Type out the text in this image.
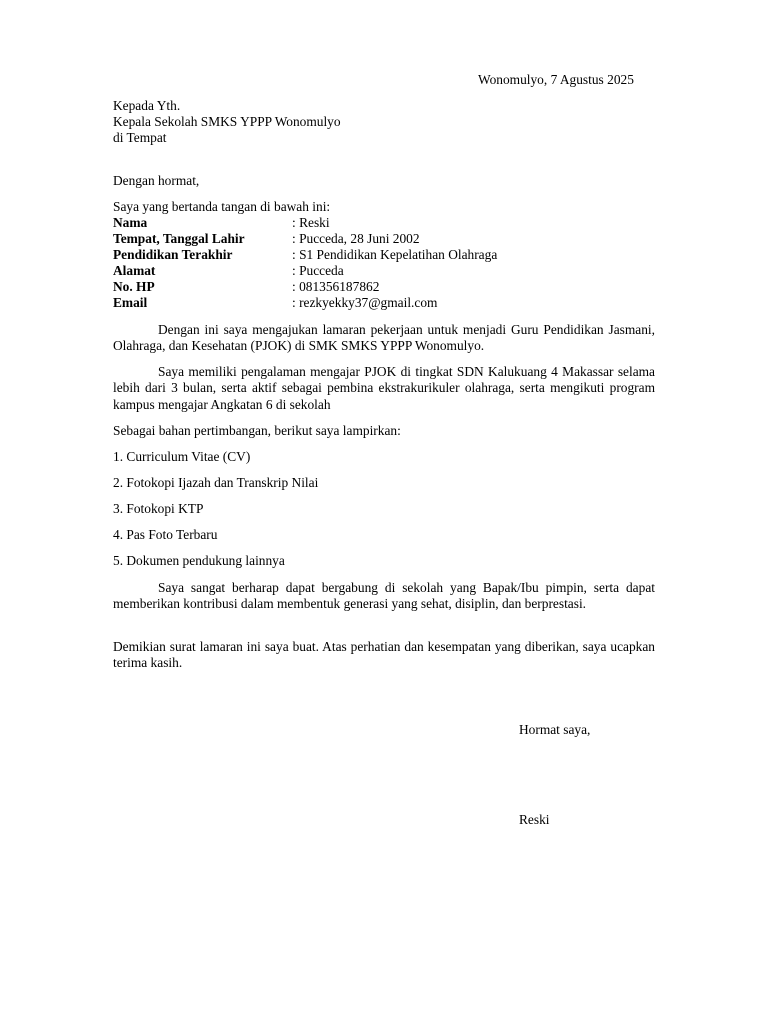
Wonomulyo, 7 Agustus 2025
Kepada Yth.
Kepala Sekolah SMKS YPPP Wonomulyo
di Tempat
Dengan hormat,
Saya yang bertanda tangan di bawah ini:
Nama	: Reski
Tempat, Tanggal Lahir	: Pucceda, 28 Juni 2002
Pendidikan Terakhir	: S1 Pendidikan Kepelatihan Olahraga
Alamat	: Pucceda
No. HP	: 081356187862
Email	: rezkyekky37@gmail.com
Dengan ini saya mengajukan lamaran pekerjaan untuk menjadi Guru Pendidikan Jasmani, Olahraga, dan Kesehatan (PJOK) di SMK SMKS YPPP Wonomulyo.
Saya memiliki pengalaman mengajar PJOK di tingkat SDN Kalukuang 4 Makassar selama lebih dari 3 bulan, serta aktif sebagai pembina ekstrakurikuler olahraga, serta mengikuti program kampus mengajar Angkatan 6 di sekolah
Sebagai bahan pertimbangan, berikut saya lampirkan:
1. Curriculum Vitae (CV)
2. Fotokopi Ijazah dan Transkrip Nilai
3. Fotokopi KTP
4. Pas Foto Terbaru
5. Dokumen pendukung lainnya
Saya sangat berharap dapat bergabung di sekolah yang Bapak/Ibu pimpin, serta dapat memberikan kontribusi dalam membentuk generasi yang sehat, disiplin, dan berprestasi.
Demikian surat lamaran ini saya buat. Atas perhatian dan kesempatan yang diberikan, saya ucapkan terima kasih.
Hormat saya,
Reski
